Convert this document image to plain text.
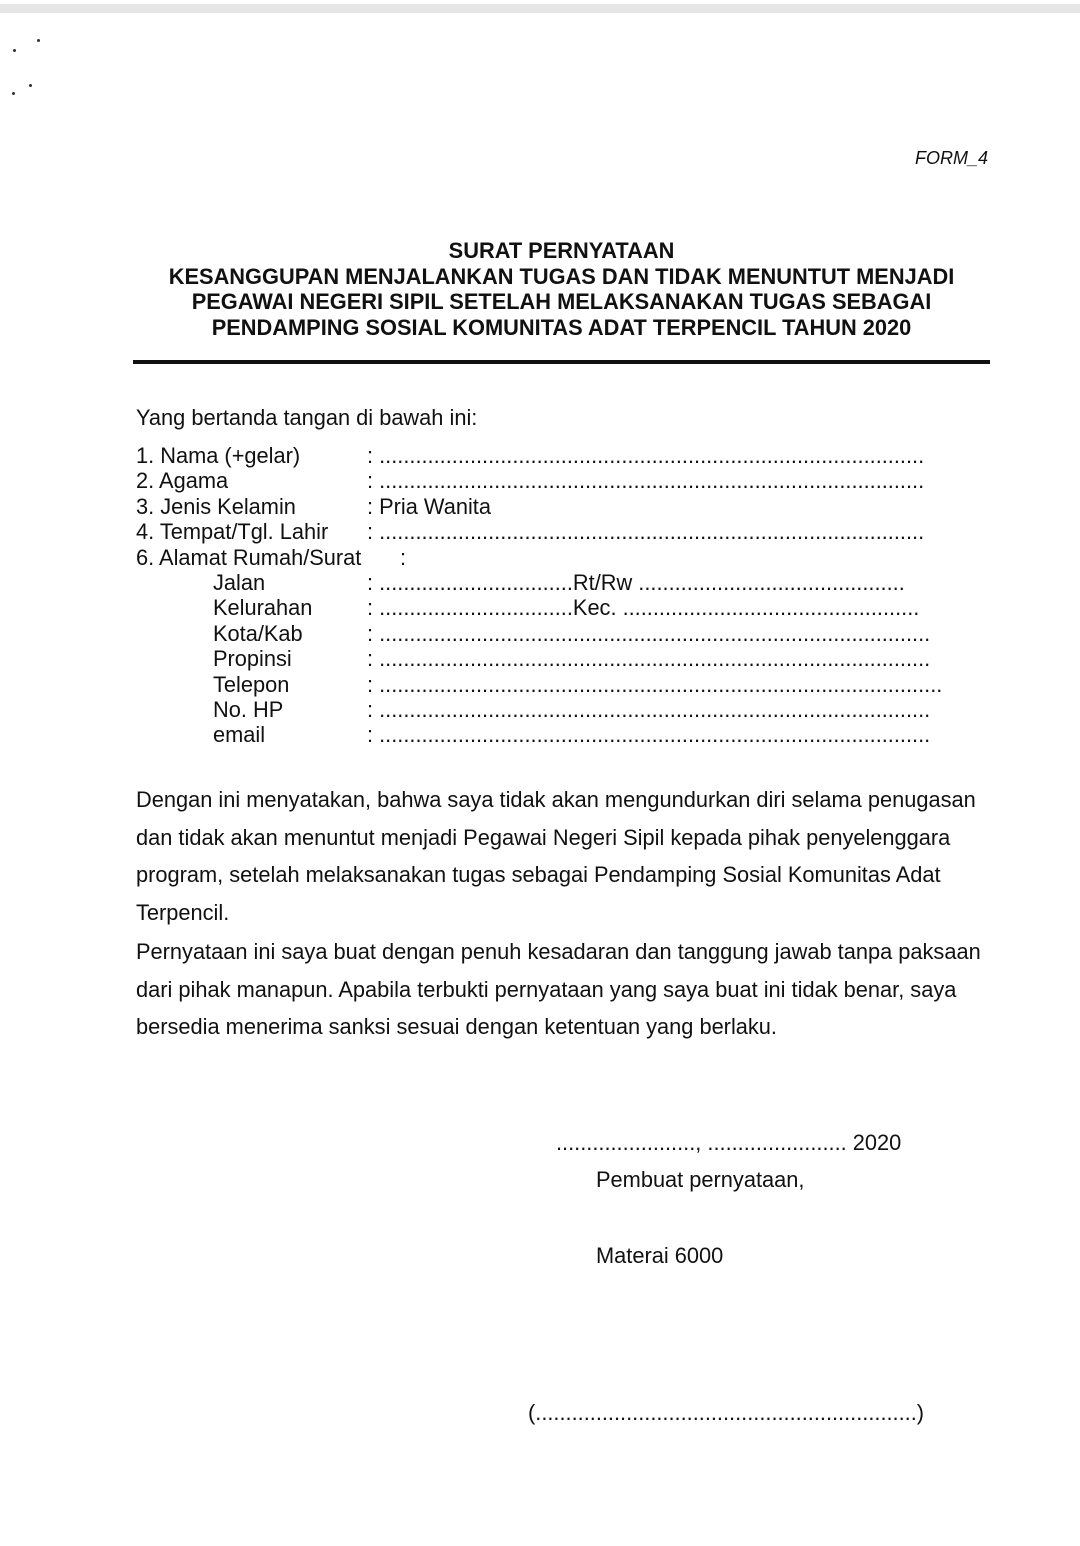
FORM_4
SURAT PERNYATAAN
KESANGGUPAN MENJALANKAN TUGAS DAN TIDAK MENUNTUT MENJADI
PEGAWAI NEGERI SIPIL SETELAH MELAKSANAKAN TUGAS SEBAGAI
PENDAMPING SOSIAL KOMUNITAS ADAT TERPENCIL TAHUN 2020
Yang bertanda tangan di bawah ini:
1. Nama (+gelar)	: ..........................................................................................
2. Agama	: ..........................................................................................
3. Jenis Kelamin	: Pria Wanita
4. Tempat/Tgl. Lahir : ..........................................................................................
6. Alamat Rumah/Surat :
Jalan	: ................................Rt/Rw ............................................
Kelurahan	: ................................Kec. .................................................
Kota/Kab	: ...........................................................................................
Propinsi	: ...........................................................................................
Telepon	: .............................................................................................
No. HP	: ...........................................................................................
email	: ...........................................................................................
Dengan ini menyatakan, bahwa saya tidak akan mengundurkan diri selama penugasan
dan tidak akan menuntut menjadi Pegawai Negeri Sipil kepada pihak penyelenggara
program, setelah melaksanakan tugas sebagai Pendamping Sosial Komunitas Adat
Terpencil.
Pernyataan ini saya buat dengan penuh kesadaran dan tanggung jawab tanpa paksaan
dari pihak manapun. Apabila terbukti pernyataan yang saya buat ini tidak benar, saya
bersedia menerima sanksi sesuai dengan ketentuan yang berlaku.
......................., ....................... 2020
Pembuat pernyataan,
Materai 6000
(...............................................................)
